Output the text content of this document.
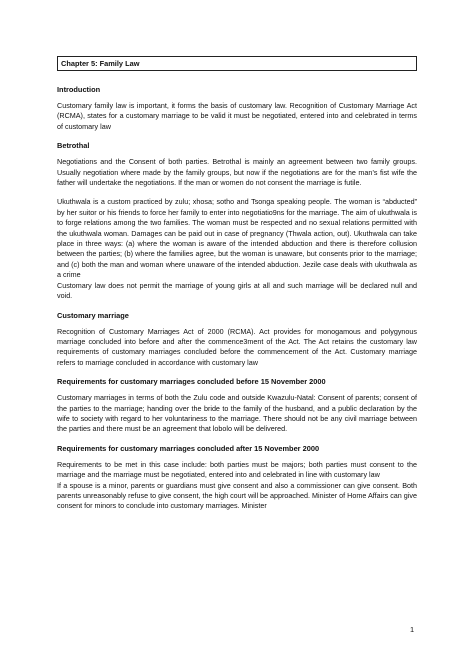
Chapter 5: Family Law
Introduction
Customary family law is important, it forms the basis of customary law. Recognition of Customary Marriage Act (RCMA), states for a customary marriage to be valid it must be negotiated, entered into and celebrated in terms of customary law
Betrothal
Negotiations and the Consent of both parties. Betrothal is mainly an agreement between two family groups. Usually negotiation where made by the family groups, but now if the negotiations are for the man’s fist wife the father will undertake the negotiations. If the man or women do not consent the marriage is futile.
Ukuthwala is a custom practiced by zulu; xhosa; sotho and Tsonga speaking people. The woman is “abducted” by her suitor or his friends to force her family to enter into negotiatio9ns for the marriage. The aim of ukuthwala is to forge relations among the two families. The woman must be respected and no sexual relations permitted with the ukuthwala woman. Damages can be paid out in case of pregnancy (Thwala action, out). Ukuthwala can take place in three ways: (a) where the woman is aware of the intended abduction and there is therefore collusion between the parties; (b) where the families agree, but the woman is unaware, but consents prior to the marriage; and (c) both the man and woman where unaware of the intended abduction. Jezile case deals with ukuthwala as a crime
Customary law does not permit the marriage of young girls at all and such marriage will be declared null and void.
Customary marriage
Recognition of Customary Marriages Act of 2000 (RCMA). Act provides for monogamous and polygynous marriage concluded into before and after the commence3ment of the Act. The Act retains the customary law requirements of customary marriages concluded before the commencement of the Act. Customary marriage refers to marriage concluded in accordance with customary law
Requirements for customary marriages concluded before 15 November 2000
Customary marriages in terms of both the Zulu code and outside Kwazulu-Natal: Consent of parents; consent of the parties to the marriage; handing over the bride to the family of the husband, and a public declaration by the wife to society with regard to her voluntariness to the marriage. There should not be any civil marriage between the parties and there must be an agreement that lobolo will be delivered.
Requirements for customary marriages concluded after 15 November 2000
Requirements to be met in this case include: both parties must be majors; both parties must consent to the marriage and the marriage must be negotiated, entered into and celebrated in line with customary law
If a spouse is a minor, parents or guardians must give consent and also a commissioner can give consent. Both parents unreasonably refuse to give consent, the high court will be approached. Minister of Home Affairs can give consent for minors to conclude into customary marriages. Minister
1
